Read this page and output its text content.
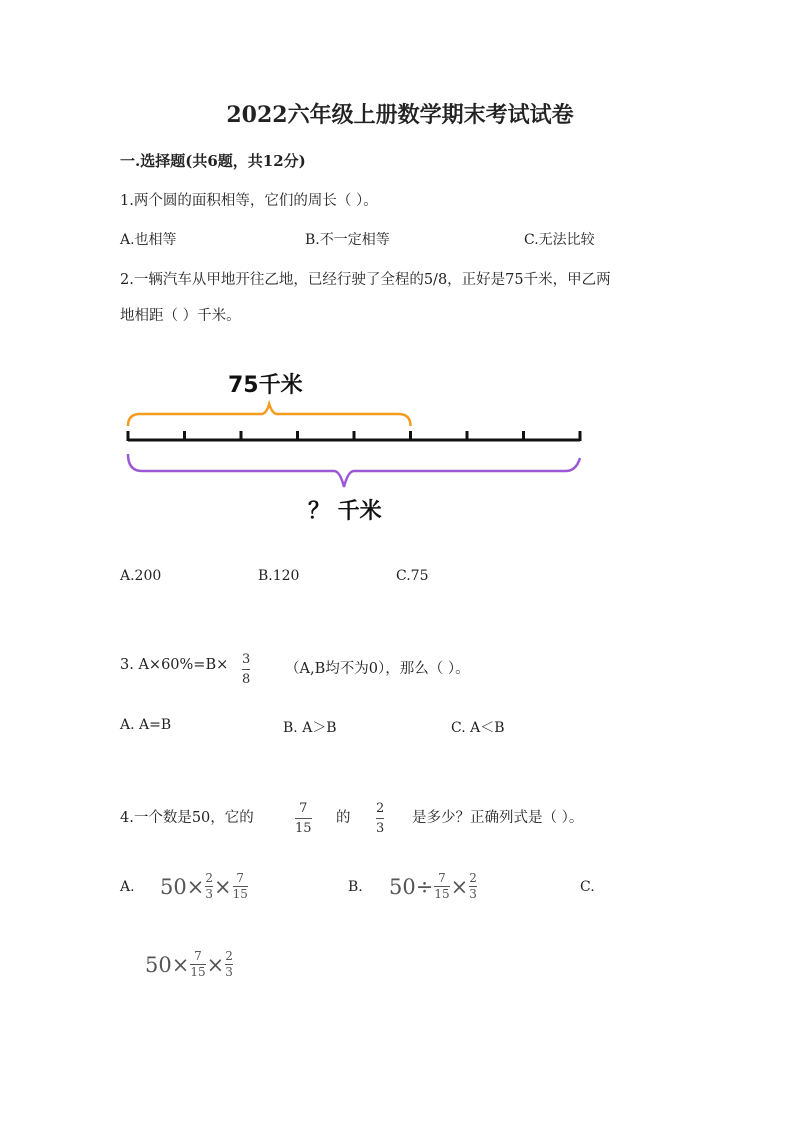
2022六年级上册数学期末考试试卷
一.选择题(共6题，共12分)
1.两个圆的面积相等，它们的周长（ ）。
A.也相等	B.不一定相等	C.无法比较
2.一辆汽车从甲地开往乙地，已经行驶了全程的5/8，正好是75千米，甲乙两
地相距（ ）千米。
75千米
？ 千米
A.200	B.120	C.75
3. A×60%=B× 3
8
（A,B均不为0），那么（ ）。
A. A=B	B. A＞B	C. A＜B
4.一个数是50，它的
7
15
的
2
3
是多少？正确列式是（ ）。
A. 50 × 2
3 × 7
15	B. 50 ÷ 7
15 × 2
3	C.
50 × 7
15 × 2
3
